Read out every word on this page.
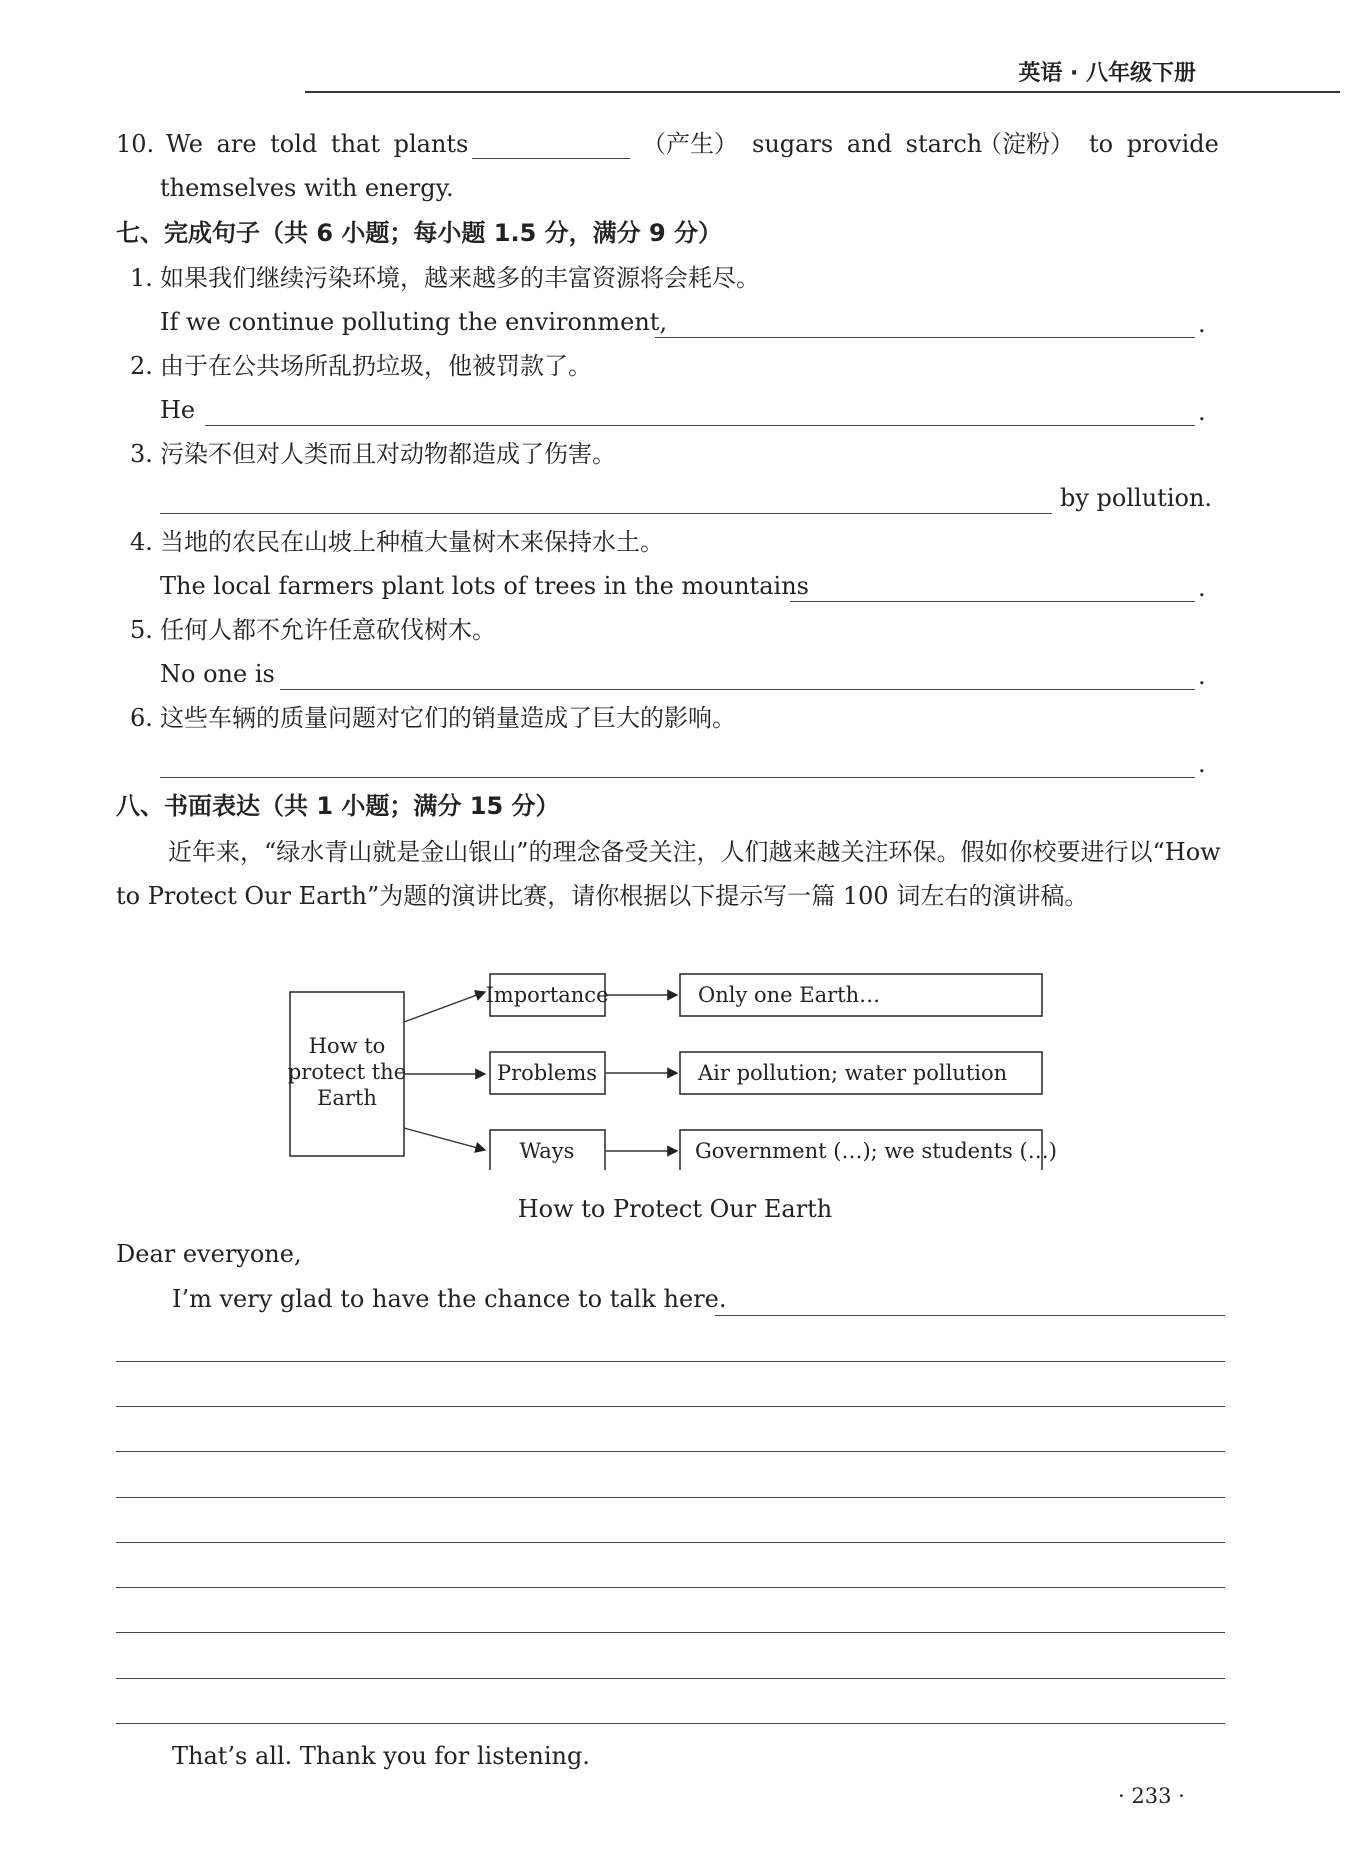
英语 · 八年级下册
10. We are told that plants	（产生） sugars and starch
（淀粉） to provide
themselves with energy.
七、完成句子（共 6 小题；每小题 1.5 分，满分 9 分）
1. 如果我们继续污染环境，越来越多的丰富资源将会耗尽。
If we continue polluting the environment,	.
2. 由于在公共场所乱扔垃圾，他被罚款了。
He	.
3. 污染不但对人类而且对动物都造成了伤害。
by pollution.
4. 当地的农民在山坡上种植大量树木来保持水土。
The local farmers plant lots of trees in the mountains	.
5. 任何人都不允许任意砍伐树木。
No one is	.
6. 这些车辆的质量问题对它们的销量造成了巨大的影响。
.
八、书面表达（共 1 小题；满分 15 分）
近年来，“绿水青山就是金山银山”的理念备受关注，人们越来越关注环保。假如你校要进行以“How to Protect Our Earth”为题的演讲比赛，请你根据以下提示写一篇 100 词左右的演讲稿。
How to
protect the
Earth
Importance
Problems
Ways
Only one Earth…
Air pollution; water pollution
Government (…); we students (…)
How to Protect Our Earth
Dear everyone,
I’m very glad to have the chance to talk here.
That’s all. Thank you for listening.
· 233 ·
